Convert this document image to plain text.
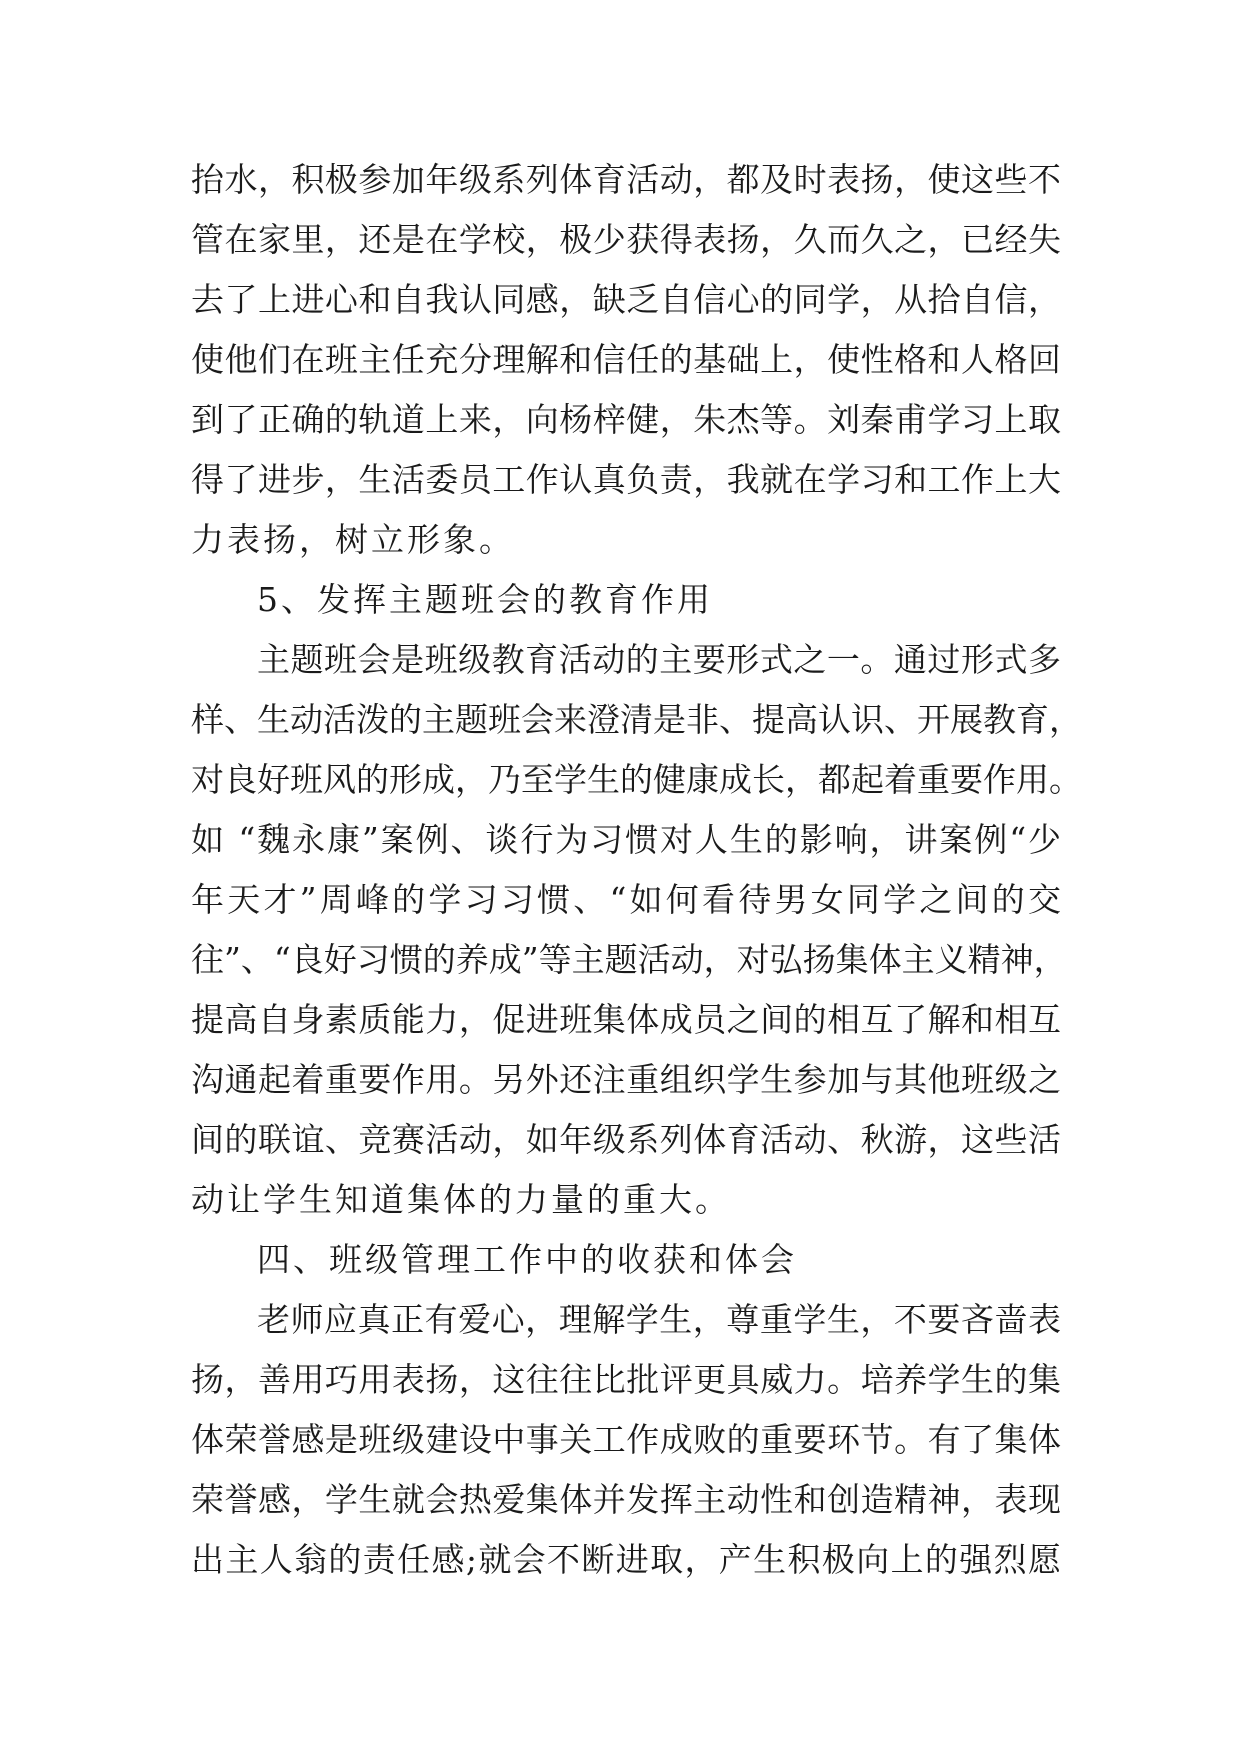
抬水，积极参加年级系列体育活动，都及时表扬，使这些不
管在家里，还是在学校，极少获得表扬，久而久之，已经失
去了上进心和自我认同感，缺乏自信心的同学，从拾自信，
使他们在班主任充分理解和信任的基础上，使性格和人格回
到了正确的轨道上来，向杨梓健，朱杰等。刘秦甫学习上取
得了进步，生活委员工作认真负责，我就在学习和工作上大
力表扬，树立形象。
5、发挥主题班会的教育作用
主题班会是班级教育活动的主要形式之一。通过形式多
样、生动活泼的主题班会来澄清是非、提高认识、开展教育，
对良好班风的形成，乃至学生的健康成长，都起着重要作用。
如 “魏永康”案例、谈行为习惯对人生的影响，讲案例“少
年天才”周峰的学习习惯、“如何看待男女同学之间的交
往”、“良好习惯的养成”等主题活动，对弘扬集体主义精神，
提高自身素质能力，促进班集体成员之间的相互了解和相互
沟通起着重要作用。另外还注重组织学生参加与其他班级之
间的联谊、竞赛活动，如年级系列体育活动、秋游，这些活
动让学生知道集体的力量的重大。
四、班级管理工作中的收获和体会
老师应真正有爱心，理解学生，尊重学生，不要吝啬表
扬，善用巧用表扬，这往往比批评更具威力。培养学生的集
体荣誉感是班级建设中事关工作成败的重要环节。有了集体
荣誉感，学生就会热爱集体并发挥主动性和创造精神，表现
出主人翁的责任感;就会不断进取，产生积极向上的强烈愿
